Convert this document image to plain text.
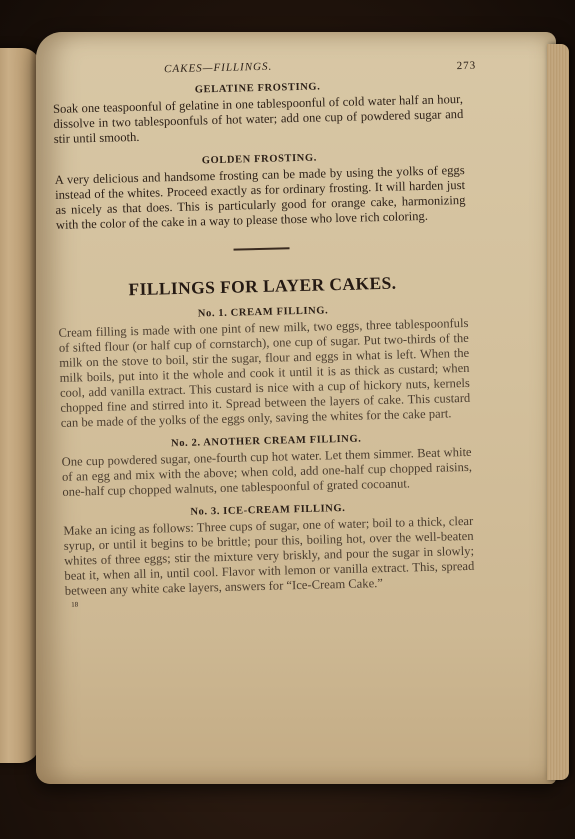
CAKES—FILLINGS.	273
GELATINE FROSTING.

Soak one teaspoonful of gelatine in one tablespoonful of cold water half an hour, dissolve in two tablespoonfuls of hot water; add one cup of powdered sugar and stir until smooth.

GOLDEN FROSTING.

A very delicious and handsome frosting can be made by using the yolks of eggs instead of the whites. Proceed exactly as for ordinary frosting. It will harden just as nicely as that does. This is particularly good for orange cake, harmonizing with the color of the cake in a way to please those who love rich coloring.

FILLINGS FOR LAYER CAKES.
No. 1. CREAM FILLING.

Cream filling is made with one pint of new milk, two eggs, three tablespoonfuls of sifted flour (or half cup of cornstarch), one cup of sugar. Put two-thirds of the milk on the stove to boil, stir the sugar, flour and eggs in what is left. When the milk boils, put into it the whole and cook it until it is as thick as custard; when cool, add vanilla extract. This custard is nice with a cup of hickory nuts, kernels chopped fine and stirred into it. Spread between the layers of cake. This custard can be made of the yolks of the eggs only, saving the whites for the cake part.

No. 2. ANOTHER CREAM FILLING.

One cup powdered sugar, one-fourth cup hot water. Let them simmer. Beat white of an egg and mix with the above; when cold, add one-half cup chopped raisins, one-half cup chopped walnuts, one tablespoonful of grated cocoanut.

No. 3. ICE-CREAM FILLING.

Make an icing as follows: Three cups of sugar, one of water; boil to a thick, clear syrup, or until it begins to be brittle; pour this, boiling hot, over the well-beaten whites of three eggs; stir the mixture very briskly, and pour the sugar in slowly; beat it, when all in, until cool. Flavor with lemon or vanilla extract. This, spread between any white cake layers, answers for “Ice-Cream Cake.”

18
